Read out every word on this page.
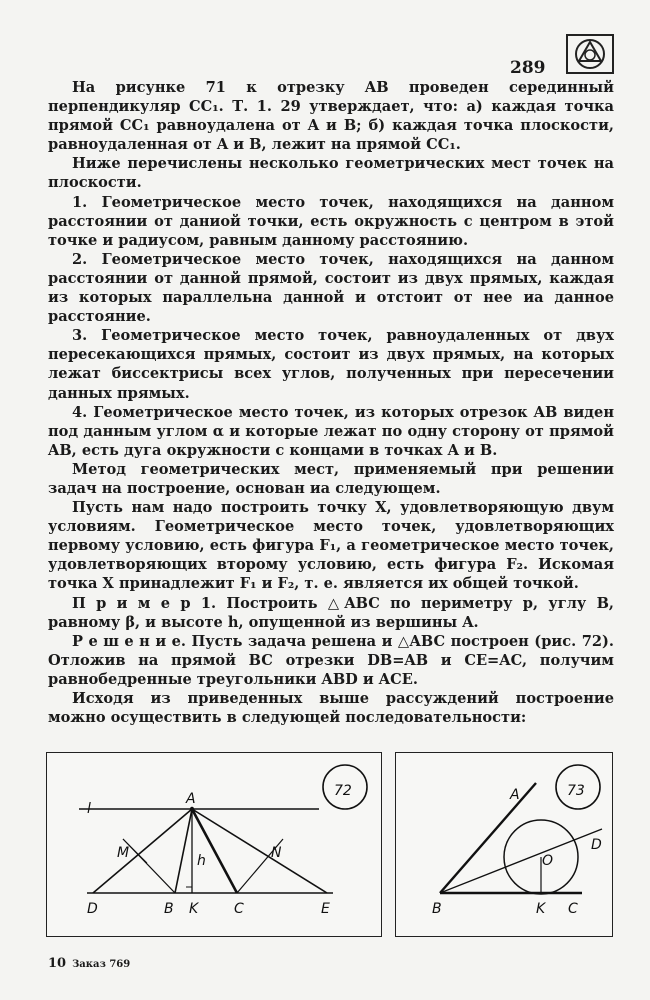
289

На рисунке 71 к отрезку AB проведен серединный перпендикуляр CC₁. Т. 1. 29 утверждает, что: а) каждая точка прямой CC₁ равноудалена от A и B; б) каждая точка плоскости, равноудаленная от A и B, лежит на прямой CC₁.

Ниже перечислены несколько геометрических мест точек на плоскости.

1. Геометрическое место точек, находящихся на данном расстоянии от даниой точки, есть окружность с центром в этой точке и радиусом, равным данному расстоянию.

2. Геометрическое место точек, находящихся на данном расстоянии от данной прямой, состоит из двух прямых, каждая из которых параллельна данной и отстоит от нее иа данное расстояние.

3. Геометрическое место точек, равноудаленных от двух пересекающихся прямых, состоит из двух прямых, на которых лежат биссектрисы всех углов, полученных при пересечении данных прямых.

4. Геометрическое место точек, из которых отрезок AB виден под данным углом α и которые лежат по одну сторону от прямой AB, есть дуга окружности с концами в точках A и B.

Метод геометрических мест, применяемый при решении задач на построение, основан иа следующем.

Пусть нам надо построить точку X, удовлетворяющую двум условиям. Геометрическое место точек, удовлетворяющих первому условию, есть фигура F₁, а геометрическое место точек, удовлетворяющих второму условию, есть фигура F₂. Искомая точка X принадлежит F₁ и F₂, т. е. является их общей точкой.

П р и м е р 1. Построить △ABC по периметру p, углу B, равному β, и высоте h, опущенной из вершины A.

Р е ш е н и е. Пусть задача решена и △ABC построен (рис. 72). Отложив на прямой BC отрезки DB=AB и CE=AC, получим равнобедренные треугольники ABD и ACE.

Исходя из приведенных выше рассуждений построение можно осуществить в следующей последовательности:

72
l
A
M	N
h
D	B K	C	E
73
A
D
O
B	K C
10 Заказ 769
